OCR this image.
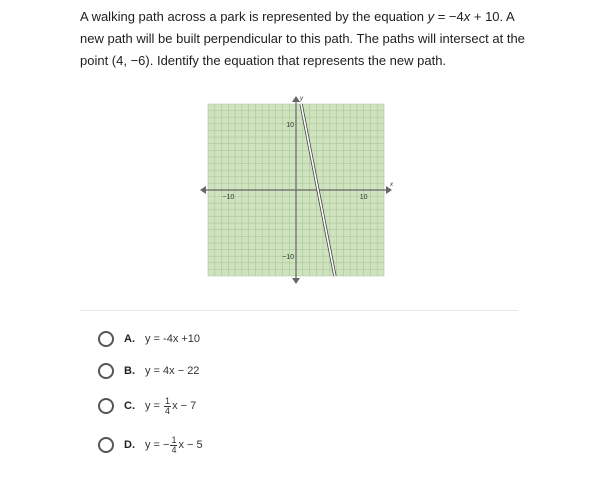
A walking path across a park is represented by the equation y = −4x + 10. A new path will be built perpendicular to this path. The paths will intersect at the point (4, −6). Identify the equation that represents the new path.
x
y
−10	10
10
−10
A. y = -4x +10
B. y = 4x − 22
C. $y = \frac{1}{4}$ x − 7
D. y = − $\frac{1}{4}$ x − 5
